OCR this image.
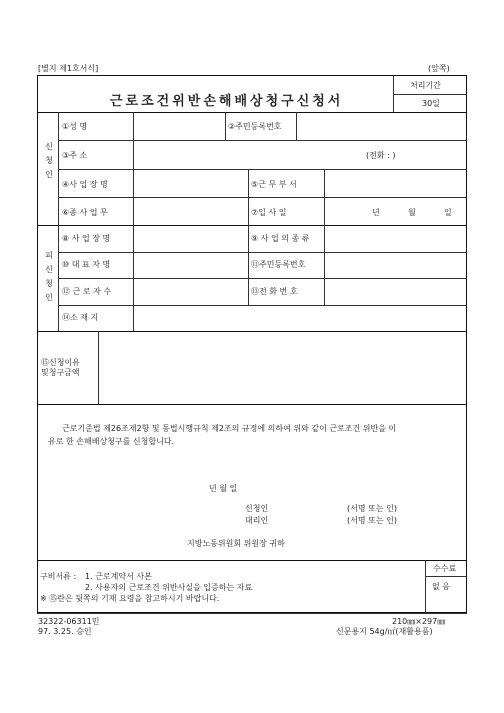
[별지 제1호서식]	(앞쪽)
근로조건위반손해배상청구신청서
처리기간
30일
신
청
인
①성 명	②주민등록번호
③주 소	(전화 : )
④사 업 장 명	⑤근 무 부 서
⑥종 사 업 무	⑦입 사 일	년	월	일
피
신
청
인
⑧ 사 업 장 명	⑨ 사 업 의 종 류
⑩ 대 표 자 명	⑪주민등록번호
⑫ 근 로 자 수	⑬전 화 번 호
⑭소 재 지
⑮신청이유
및청구금액
근로기준법 제26조제2항 및 동법시행규칙 제2조의 규정에 의하여 위와 같이 근로조건 위반을 이
유로 한 손해배상청구를 신청합니다.
년 월 일
신청인	(서명 또는 인)
대리인	(서명 또는 인)
지방노동위원회 위원장 귀하
구비서류 : 1. 근로계약서 사본
2. 사용자의 근로조건 위반사실을 입증하는 자료
※ ⑮란은 뒷쪽의 기재 요령을 참고하시기 바랍니다.
수수료
없 음
32322-06311민
97. 3.25. 승인
210㎜×297㎜
신문용지 54g/㎡(재활용품)
